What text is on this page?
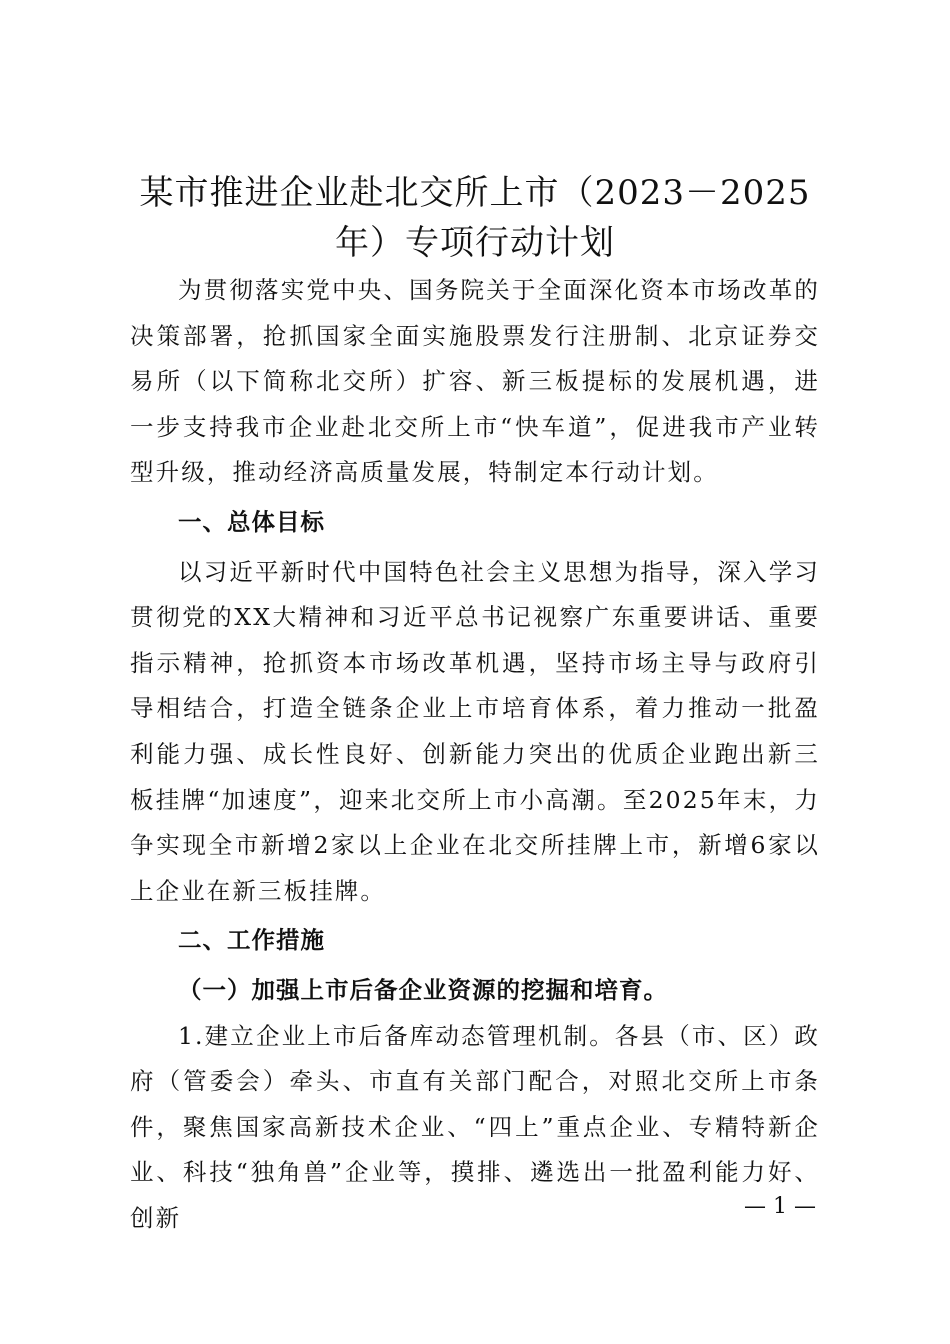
某市推进企业赴北交所上市（2023－2025年）专项行动计划

为贯彻落实党中央、国务院关于全面深化资本市场改革的决策部署，抢抓国家全面实施股票发行注册制、北京证券交易所（以下简称北交所）扩容、新三板提标的发展机遇，进一步支持我市企业赴北交所上市“快车道”，促进我市产业转型升级，推动经济高质量发展，特制定本行动计划。

一、总体目标

以习近平新时代中国特色社会主义思想为指导，深入学习贯彻党的XX大精神和习近平总书记视察广东重要讲话、重要指示精神，抢抓资本市场改革机遇，坚持市场主导与政府引导相结合，打造全链条企业上市培育体系，着力推动一批盈利能力强、成长性良好、创新能力突出的优质企业跑出新三板挂牌“加速度”，迎来北交所上市小高潮。至2025年末，力争实现全市新增2家以上企业在北交所挂牌上市，新增6家以上企业在新三板挂牌。

二、工作措施

（一）加强上市后备企业资源的挖掘和培育。

1.建立企业上市后备库动态管理机制。各县（市、区）政府（管委会）牵头、市直有关部门配合，对照北交所上市条件，聚焦国家高新技术企业、“四上”重点企业、专精特新企业、科技“独角兽”企业等，摸排、遴选出一批盈利能力好、创新	— 1 —
